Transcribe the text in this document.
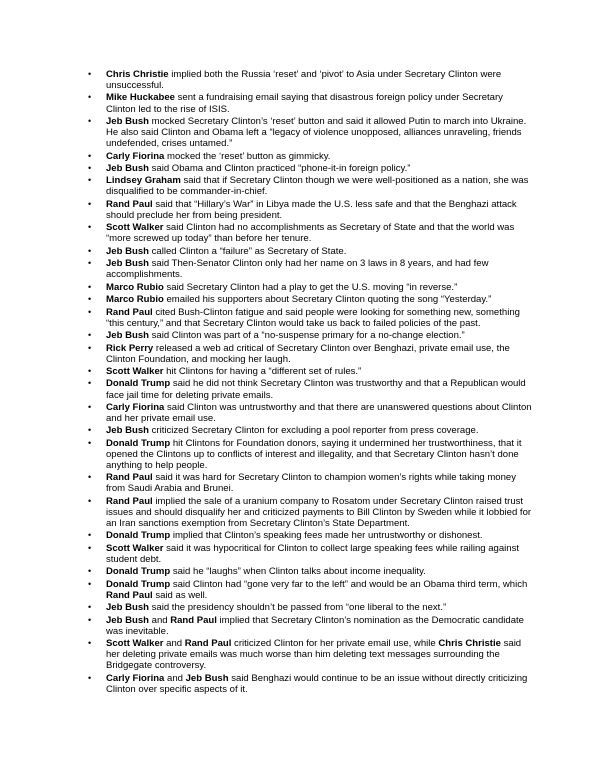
• Chris Christie implied both the Russia ‘reset’ and ‘pivot’ to Asia under Secretary Clinton were unsuccessful.
• Mike Huckabee sent a fundraising email saying that disastrous foreign policy under Secretary Clinton led to the rise of ISIS.
• Jeb Bush mocked Secretary Clinton’s ‘reset’ button and said it allowed Putin to march into Ukraine. He also said Clinton and Obama left a “legacy of violence unopposed, alliances unraveling, friends undefended, crises untamed.”
• Carly Fiorina mocked the ‘reset’ button as gimmicky.
• Jeb Bush said Obama and Clinton practiced “phone-it-in foreign policy.”
• Lindsey Graham said that if Secretary Clinton though we were well-positioned as a nation, she was disqualified to be commander-in-chief.
• Rand Paul said that “Hillary’s War” in Libya made the U.S. less safe and that the Benghazi attack should preclude her from being president.
• Scott Walker said Clinton had no accomplishments as Secretary of State and that the world was “more screwed up today” than before her tenure.
• Jeb Bush called Clinton a “failure” as Secretary of State.
• Jeb Bush said Then-Senator Clinton only had her name on 3 laws in 8 years, and had few accomplishments.
• Marco Rubio said Secretary Clinton had a play to get the U.S. moving “in reverse.”
• Marco Rubio emailed his supporters about Secretary Clinton quoting the song “Yesterday.”
• Rand Paul cited Bush-Clinton fatigue and said people were looking for something new, something “this century,” and that Secretary Clinton would take us back to failed policies of the past.
• Jeb Bush said Clinton was part of a “no-suspense primary for a no-change election.”
• Rick Perry released a web ad critical of Secretary Clinton over Benghazi, private email use, the Clinton Foundation, and mocking her laugh.
• Scott Walker hit Clintons for having a “different set of rules.”
• Donald Trump said he did not think Secretary Clinton was trustworthy and that a Republican would face jail time for deleting private emails.
• Carly Fiorina said Clinton was untrustworthy and that there are unanswered questions about Clinton and her private email use.
• Jeb Bush criticized Secretary Clinton for excluding a pool reporter from press coverage.
• Donald Trump hit Clintons for Foundation donors, saying it undermined her trustworthiness, that it opened the Clintons up to conflicts of interest and illegality, and that Secretary Clinton hasn’t done anything to help people.
• Rand Paul said it was hard for Secretary Clinton to champion women’s rights while taking money from Saudi Arabia and Brunei.
• Rand Paul implied the sale of a uranium company to Rosatom under Secretary Clinton raised trust issues and should disqualify her and criticized payments to Bill Clinton by Sweden while it lobbied for an Iran sanctions exemption from Secretary Clinton’s State Department.
• Donald Trump implied that Clinton’s speaking fees made her untrustworthy or dishonest.
• Scott Walker said it was hypocritical for Clinton to collect large speaking fees while railing against student debt.
• Donald Trump said he “laughs” when Clinton talks about income inequality.
• Donald Trump said Clinton had “gone very far to the left” and would be an Obama third term, which Rand Paul said as well.
• Jeb Bush said the presidency shouldn’t be passed from “one liberal to the next.”
• Jeb Bush and Rand Paul implied that Secretary Clinton’s nomination as the Democratic candidate was inevitable.
• Scott Walker and Rand Paul criticized Clinton for her private email use, while Chris Christie said her deleting private emails was much worse than him deleting text messages surrounding the Bridgegate controversy.
• Carly Fiorina and Jeb Bush said Benghazi would continue to be an issue without directly criticizing Clinton over specific aspects of it.
